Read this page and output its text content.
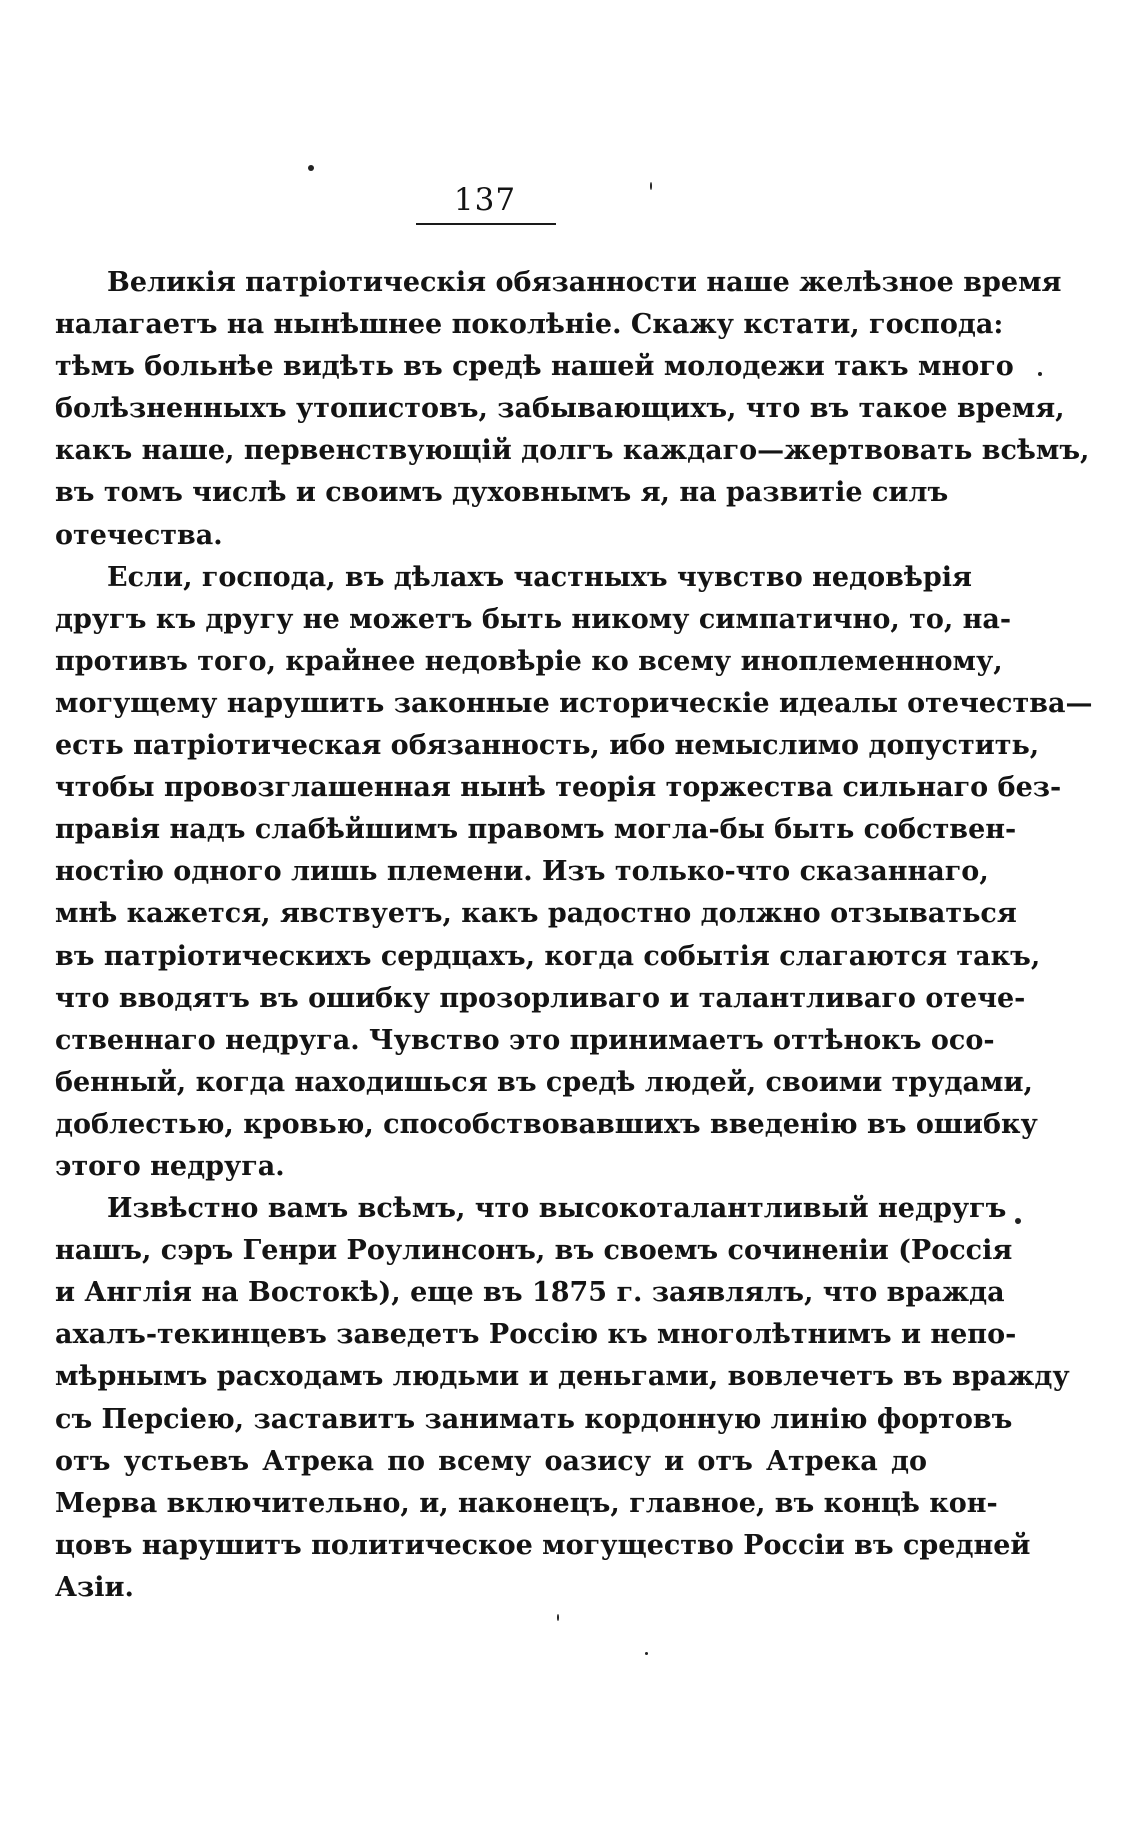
137
Великія патріотическія обязанности наше желѣзное время
налагаетъ на нынѣшнее поколѣніе. Скажу кстати, господа:
тѣмъ больнѣе видѣть въ средѣ нашей молодежи такъ много
болѣзненныхъ утопистовъ, забывающихъ, что въ такое время,
какъ наше, первенствующій долгъ каждаго—жертвовать всѣмъ,
въ томъ числѣ и своимъ духовнымъ я, на развитіе силъ
отечества.
Если, господа, въ дѣлахъ частныхъ чувство недовѣрія
другъ къ другу не можетъ быть никому симпатично, то, на-
противъ того, крайнее недовѣріе ко всему иноплеменному,
могущему нарушить законные историческіе идеалы отечества—
есть патріотическая обязанность, ибо немыслимо допустить,
чтобы провозглашенная нынѣ теорія торжества сильнаго без-
правія надъ слабѣйшимъ правомъ могла-бы быть собствен-
ностію одного лишь племени. Изъ только-что сказаннаго,
мнѣ кажется, явствуетъ, какъ радостно должно отзываться
въ патріотическихъ сердцахъ, когда событія слагаются такъ,
что вводятъ въ ошибку прозорливаго и талантливаго отече-
ственнаго недруга. Чувство это принимаетъ оттѣнокъ осо-
бенный, когда находишься въ средѣ людей, своими трудами,
доблестью, кровью, способствовавшихъ введенію въ ошибку
этого недруга.
Извѣстно вамъ всѣмъ, что высокоталантливый недругъ
нашъ, сэръ Генри Роулинсонъ, въ своемъ сочиненіи (Россія
и Англія на Востокѣ), еще въ 1875 г. заявлялъ, что вражда
ахалъ-текинцевъ заведетъ Россію къ многолѣтнимъ и непо-
мѣрнымъ расходамъ людьми и деньгами, вовлечетъ въ вражду
съ Персіею, заставитъ занимать кордонную линію фортовъ
отъ устьевъ Атрека по всему оазису и отъ Атрека до
Мерва включительно, и, наконецъ, главное, въ концѣ кон-
цовъ нарушитъ политическое могущество Россіи въ средней
Азіи.
